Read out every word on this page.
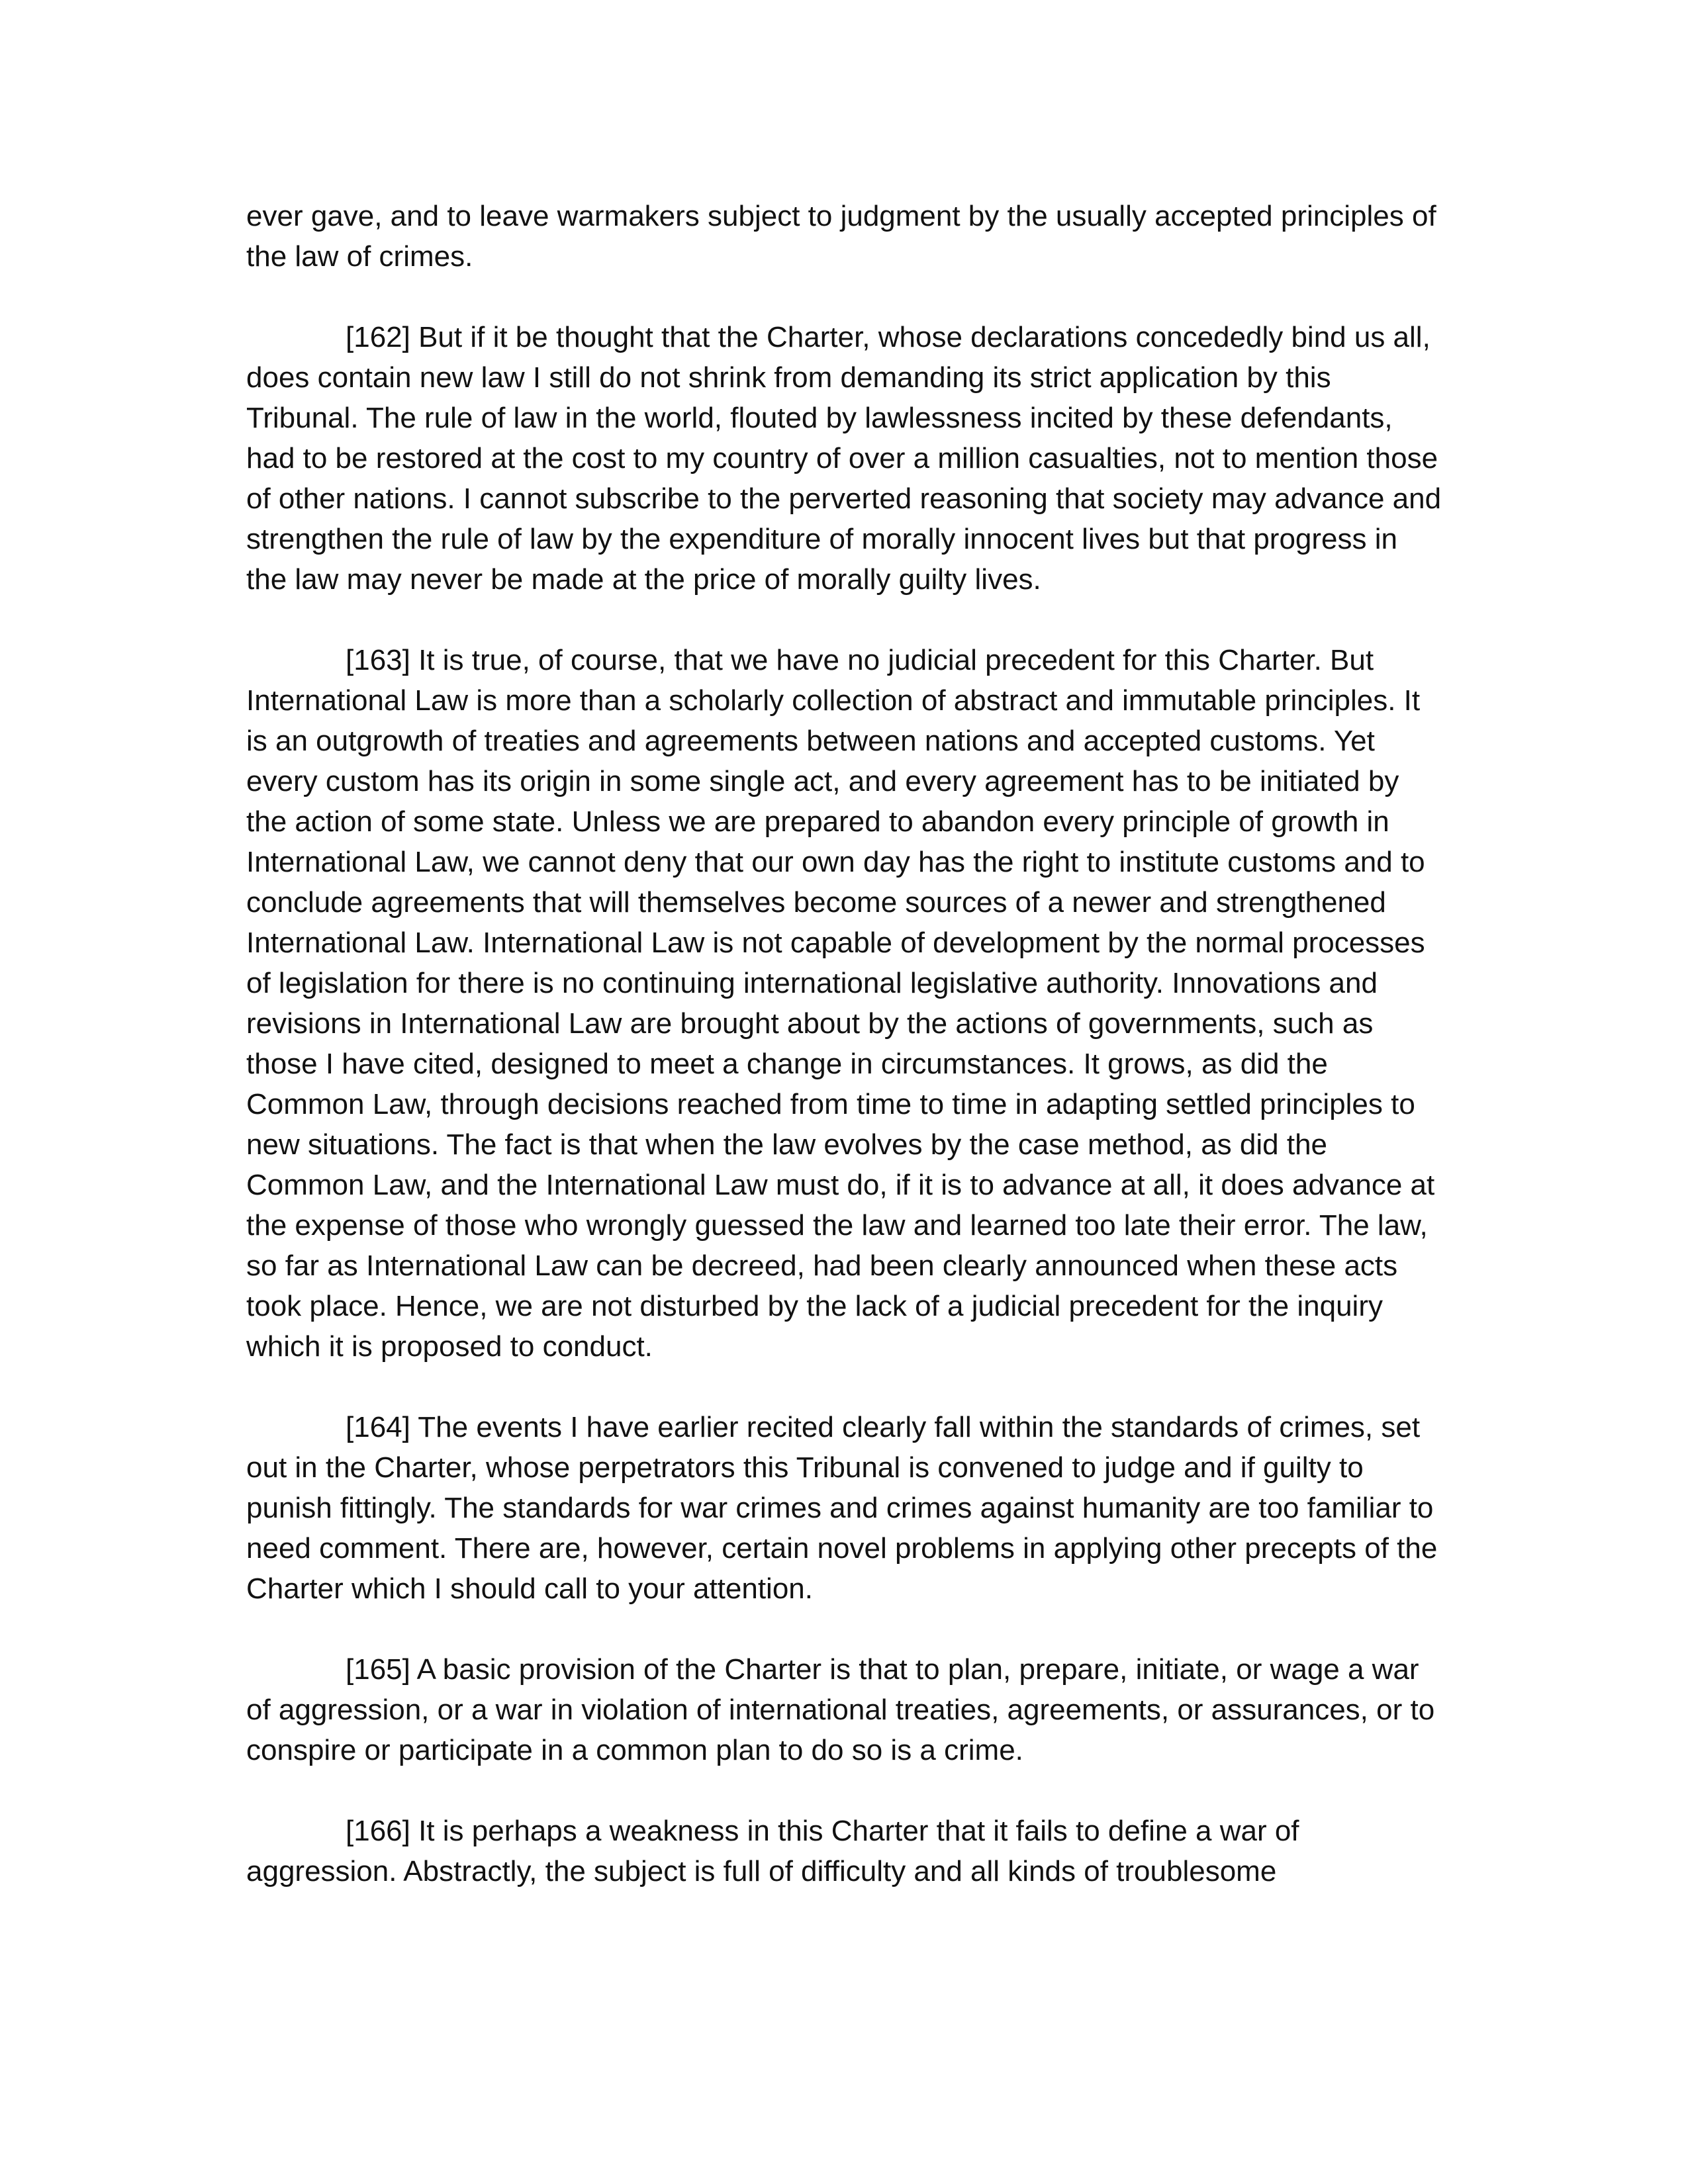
ever gave, and to leave warmakers subject to judgment by the usually accepted principles of the law of crimes.

[162] But if it be thought that the Charter, whose declarations concededly bind us all, does contain new law I still do not shrink from demanding its strict application by this Tribunal. The rule of law in the world, flouted by lawlessness incited by these defendants, had to be restored at the cost to my country of over a million casualties, not to mention those of other nations. I cannot subscribe to the perverted reasoning that society may advance and strengthen the rule of law by the expenditure of morally innocent lives but that progress in the law may never be made at the price of morally guilty lives.

[163] It is true, of course, that we have no judicial precedent for this Charter. But International Law is more than a scholarly collection of abstract and immutable principles. It is an outgrowth of treaties and agreements between nations and accepted customs. Yet every custom has its origin in some single act, and every agreement has to be initiated by the action of some state. Unless we are prepared to abandon every principle of growth in International Law, we cannot deny that our own day has the right to institute customs and to conclude agreements that will themselves become sources of a newer and strengthened International Law. International Law is not capable of development by the normal processes of legislation for there is no continuing international legislative authority. Innovations and revisions in International Law are brought about by the actions of governments, such as those I have cited, designed to meet a change in circumstances. It grows, as did the Common Law, through decisions reached from time to time in adapting settled principles to new situations. The fact is that when the law evolves by the case method, as did the Common Law, and the International Law must do, if it is to advance at all, it does advance at the expense of those who wrongly guessed the law and learned too late their error. The law, so far as International Law can be decreed, had been clearly announced when these acts took place. Hence, we are not disturbed by the lack of a judicial precedent for the inquiry which it is proposed to conduct.

[164] The events I have earlier recited clearly fall within the standards of crimes, set out in the Charter, whose perpetrators this Tribunal is convened to judge and if guilty to punish fittingly. The standards for war crimes and crimes against humanity are too familiar to need comment. There are, however, certain novel problems in applying other precepts of the Charter which I should call to your attention.

[165] A basic provision of the Charter is that to plan, prepare, initiate, or wage a war of aggression, or a war in violation of international treaties, agreements, or assurances, or to conspire or participate in a common plan to do so is a crime.

[166] It is perhaps a weakness in this Charter that it fails to define a war of aggression. Abstractly, the subject is full of difficulty and all kinds of troublesome
